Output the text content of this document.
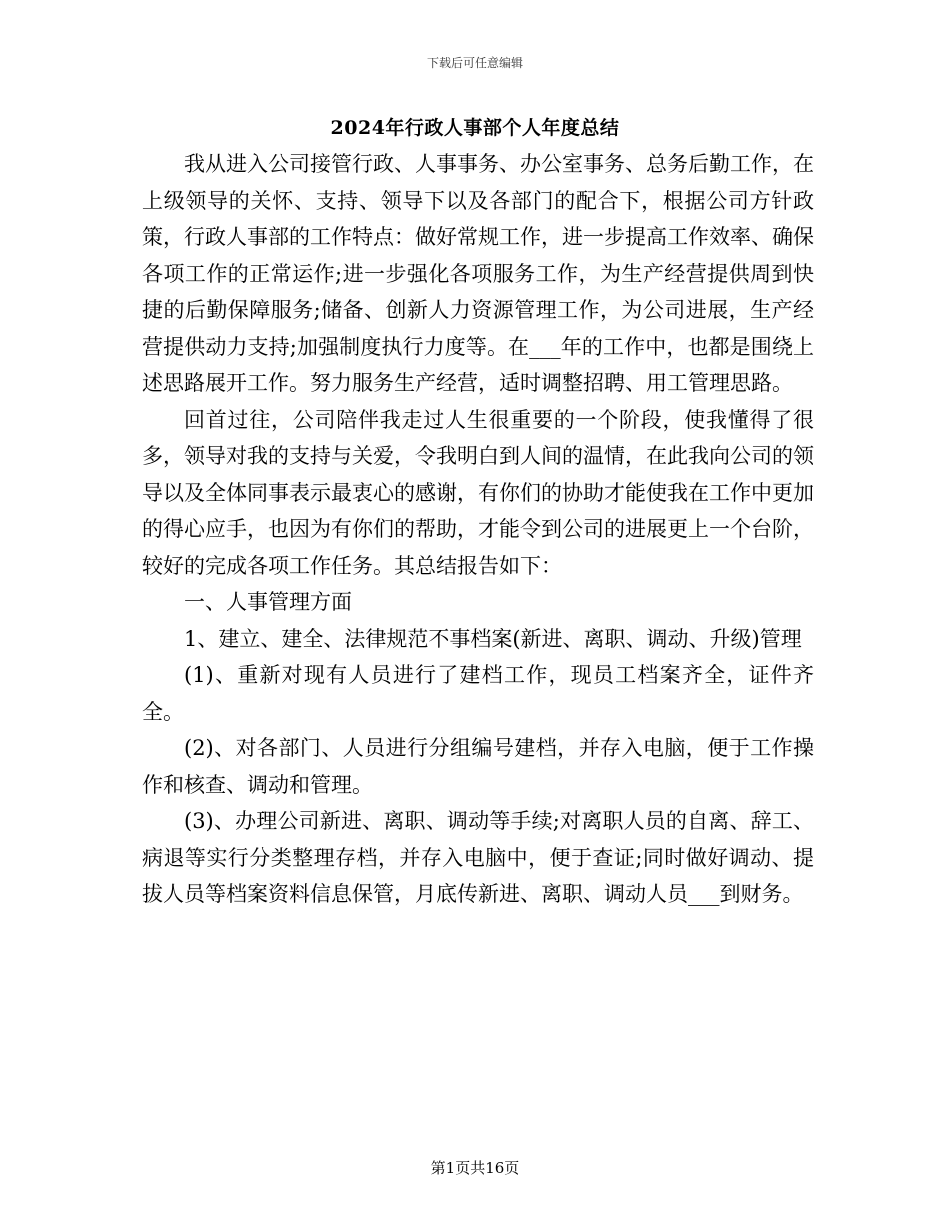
下载后可任意编辑
2024年行政人事部个人年度总结

我从进入公司接管行政、人事事务、办公室事务、总务后勤工作，在上级领导的关怀、支持、领导下以及各部门的配合下，根据公司方针政策，行政人事部的工作特点：做好常规工作，进一步提高工作效率、确保各项工作的正常运作;进一步强化各项服务工作，为生产经营提供周到快捷的后勤保障服务;储备、创新人力资源管理工作，为公司进展，生产经营提供动力支持;加强制度执行力度等。在___年的工作中，也都是围绕上述思路展开工作。努力服务生产经营，适时调整招聘、用工管理思路。

回首过往，公司陪伴我走过人生很重要的一个阶段，使我懂得了很多，领导对我的支持与关爱，令我明白到人间的温情，在此我向公司的领导以及全体同事表示最衷心的感谢，有你们的协助才能使我在工作中更加的得心应手，也因为有你们的帮助，才能令到公司的进展更上一个台阶，较好的完成各项工作任务。其总结报告如下：

一、人事管理方面

1、建立、建全、法律规范不事档案(新进、离职、调动、升级)管理

(1)、重新对现有人员进行了建档工作，现员工档案齐全，证件齐全。

(2)、对各部门、人员进行分组编号建档，并存入电脑，便于工作操作和核查、调动和管理。

(3)、办理公司新进、离职、调动等手续;对离职人员的自离、辞工、病退等实行分类整理存档，并存入电脑中，便于查证;同时做好调动、提拔人员等档案资料信息保管，月底传新进、离职、调动人员___到财务。

第1页共16页
